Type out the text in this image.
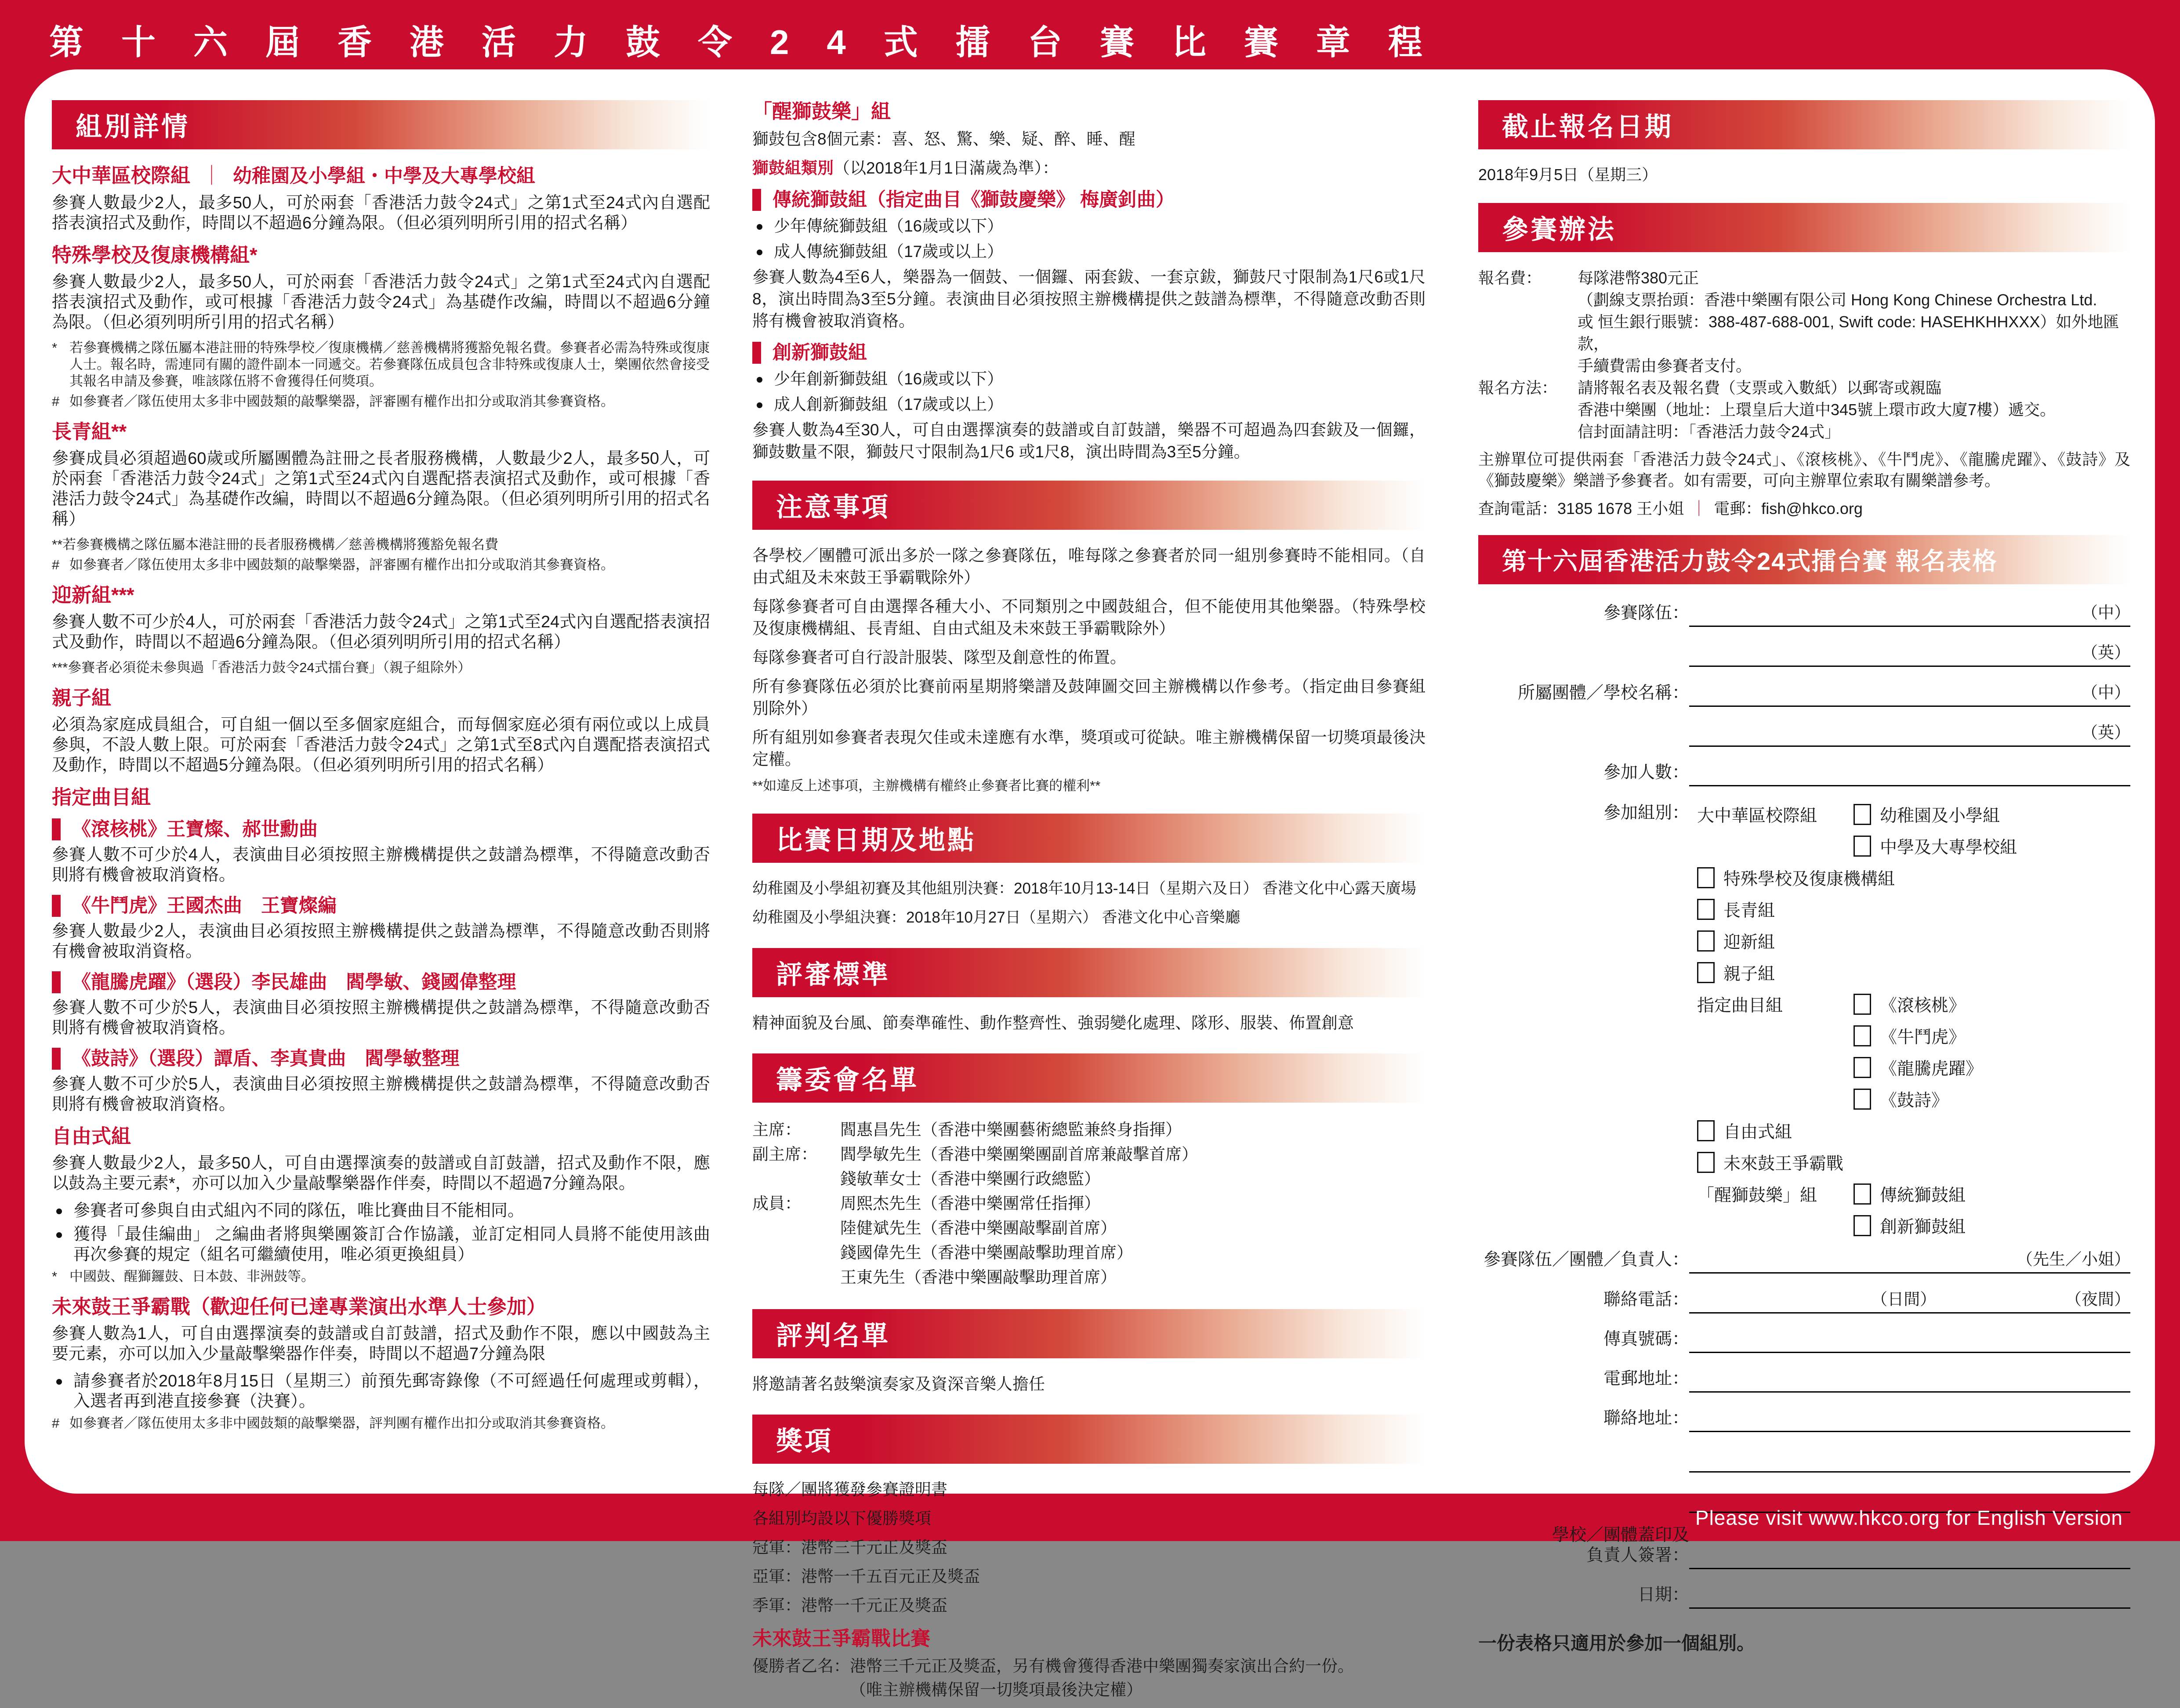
第十六屆香港活力鼓令24式擂台賽比賽章程
組別詳情
大中華區校際組 ｜ 幼稚園及小學組・中學及大專學校組

參賽人數最少2人，最多50人，可於兩套「香港活力鼓令24式」之第1式至24式內自選配搭表演招式及動作，時間以不超過6分鐘為限。（但必須列明所引用的招式名稱）

特殊學校及復康機構組*

參賽人數最少2人，最多50人，可於兩套「香港活力鼓令24式」之第1式至24式內自選配搭表演招式及動作，或可根據「香港活力鼓令24式」為基礎作改編，時間以不超過6分鐘為限。（但必須列明所引用的招式名稱）

* 若參賽機構之隊伍屬本港註冊的特殊學校／復康機構／慈善機構將獲豁免報名費。參賽者必需為特殊或復康人士。報名時，需連同有關的證件副本一同遞交。若參賽隊伍成員包含非特殊或復康人士，樂團依然會接受其報名申請及參賽，唯該隊伍將不會獲得任何獎項。
# 如參賽者／隊伍使用太多非中國鼓類的敲擊樂器，評審團有權作出扣分或取消其參賽資格。
長青組**

參賽成員必須超過60歲或所屬團體為註冊之長者服務機構，人數最少2人，最多50人，可於兩套「香港活力鼓令24式」之第1式至24式內自選配搭表演招式及動作，或可根據「香港活力鼓令24式」為基礎作改編，時間以不超過6分鐘為限。（但必須列明所引用的招式名稱）

**若參賽機構之隊伍屬本港註冊的長者服務機構／慈善機構將獲豁免報名費
# 如參賽者／隊伍使用太多非中國鼓類的敲擊樂器，評審團有權作出扣分或取消其參賽資格。
迎新組***

參賽人數不可少於4人，可於兩套「香港活力鼓令24式」之第1式至24式內自選配搭表演招式及動作，時間以不超過6分鐘為限。（但必須列明所引用的招式名稱）

***參賽者必須從未參與過「香港活力鼓令24式擂台賽」（親子組除外）
親子組

必須為家庭成員組合，可自組一個以至多個家庭組合，而每個家庭必須有兩位或以上成員參與，不設人數上限。可於兩套「香港活力鼓令24式」之第1式至8式內自選配搭表演招式及動作，時間以不超過5分鐘為限。（但必須列明所引用的招式名稱）

指定曲目組
《滾核桃》王寶燦、郝世勳曲

參賽人數不可少於4人，表演曲目必須按照主辦機構提供之鼓譜為標準，不得隨意改動否則將有機會被取消資格。

《牛鬥虎》王國杰曲　王寶燦編

參賽人數最少2人，表演曲目必須按照主辦機構提供之鼓譜為標準，不得隨意改動否則將有機會被取消資格。

《龍騰虎躍》（選段）李民雄曲　閻學敏、錢國偉整理

參賽人數不可少於5人，表演曲目必須按照主辦機構提供之鼓譜為標準，不得隨意改動否則將有機會被取消資格。

《鼓詩》（選段）譚盾、李真貴曲　閻學敏整理

參賽人數不可少於5人，表演曲目必須按照主辦機構提供之鼓譜為標準，不得隨意改動否則將有機會被取消資格。

自由式組

參賽人數最少2人，最多50人，可自由選擇演奏的鼓譜或自訂鼓譜，招式及動作不限，應以鼓為主要元素*，亦可以加入少量敲擊樂器作伴奏，時間以不超過7分鐘為限。

參賽者可參與自由式組內不同的隊伍，唯比賽曲目不能相同。
獲得「最佳編曲」 之編曲者將與樂團簽訂合作協議，並訂定相同人員將不能使用該曲再次參賽的規定（組名可繼續使用，唯必須更換組員）
* 中國鼓、醒獅鑼鼓、日本鼓、非洲鼓等。
未來鼓王爭霸戰（歡迎任何已達專業演出水準人士參加）

參賽人數為1人，可自由選擇演奏的鼓譜或自訂鼓譜，招式及動作不限，應以中國鼓為主要元素，亦可以加入少量敲擊樂器作伴奏，時間以不超過7分鐘為限

請參賽者於2018年8月15日（星期三）前預先郵寄錄像（不可經過任何處理或剪輯），入選者再到港直接參賽（決賽）。
# 如參賽者／隊伍使用太多非中國鼓類的敲擊樂器，評判團有權作出扣分或取消其參賽資格。
「醒獅鼓樂」組

獅鼓包含8個元素：喜、怒、驚、樂、疑、醉、睡、醒

獅鼓組類別（以2018年1月1日滿歲為準）：

傳統獅鼓組（指定曲目《獅鼓慶樂》 梅廣釗曲）
少年傳統獅鼓組（16歲或以下）
成人傳統獅鼓組（17歲或以上）

參賽人數為4至6人，樂器為一個鼓、一個鑼、兩套鈸、一套京鈸，獅鼓尺寸限制為1尺6或1尺8，演出時間為3至5分鐘。表演曲目必須按照主辦機構提供之鼓譜為標準，不得隨意改動否則將有機會被取消資格。

創新獅鼓組
少年創新獅鼓組（16歲或以下）
成人創新獅鼓組（17歲或以上）

參賽人數為4至30人，可自由選擇演奏的鼓譜或自訂鼓譜，樂器不可超過為四套鈸及一個鑼，獅鼓數量不限，獅鼓尺寸限制為1尺6 或1尺8，演出時間為3至5分鐘。

注意事項

各學校／團體可派出多於一隊之參賽隊伍，唯每隊之參賽者於同一組別參賽時不能相同。（自由式組及未來鼓王爭霸戰除外）

每隊參賽者可自由選擇各種大小、不同類別之中國鼓組合，但不能使用其他樂器。（特殊學校及復康機構組、長青組、自由式組及未來鼓王爭霸戰除外）

每隊參賽者可自行設計服裝、隊型及創意性的佈置。

所有參賽隊伍必須於比賽前兩星期將樂譜及鼓陣圖交回主辦機構以作參考。（指定曲目參賽組別除外）

所有組別如參賽者表現欠佳或未達應有水準，獎項或可從缺。唯主辦機構保留一切獎項最後決定權。

**如違反上述事項，主辦機構有權終止參賽者比賽的權利**
比賽日期及地點

幼稚園及小學組初賽及其他組別決賽：2018年10月13-14日（星期六及日） 香港文化中心露天廣場

幼稚園及小學組決賽：2018年10月27日（星期六） 香港文化中心音樂廳

評審標準

精神面貌及台風、節奏準確性、動作整齊性、強弱變化處理、隊形、服裝、佈置創意

籌委會名單
主席：	閻惠昌先生（香港中樂團藝術總監兼終身指揮）
副主席：	閻學敏先生（香港中樂團樂團副首席兼敲擊首席）
錢敏華女士（香港中樂團行政總監）
成員：	周熙杰先生（香港中樂團常任指揮）
陸健斌先生（香港中樂團敲擊副首席）
錢國偉先生（香港中樂團敲擊助理首席）
王東先生（香港中樂團敲擊助理首席）
評判名單

將邀請著名鼓樂演奏家及資深音樂人擔任

獎項

每隊／團將獲發參賽證明書

各組別均設以下優勝獎項

冠軍：港幣三千元正及獎盃

亞軍：港幣一千五百元正及獎盃

季軍：港幣一千元正及獎盃

未來鼓王爭霸戰比賽

優勝者乙名：港幣三千元正及獎盃，另有機會獲得香港中樂團獨奏家演出合約一份。

（唯主辦機構保留一切獎項最後決定權）

截止報名日期

2018年9月5日（星期三）

參賽辦法
報名費：	每隊港幣380元正
（劃線支票抬頭：香港中樂團有限公司 Hong Kong Chinese Orchestra Ltd.
或 恒生銀行賬號：388-487-688-001, Swift code: HASEHKHHXXX）如外地匯款，
手續費需由參賽者支付。
報名方法：	請將報名表及報名費（支票或入數紙）以郵寄或親臨
香港中樂團（地址：上環皇后大道中345號上環市政大廈7樓）遞交。
信封面請註明：「香港活力鼓令24式」

主辦單位可提供兩套「香港活力鼓令24式」、《滾核桃》、《牛鬥虎》、《龍騰虎躍》、《鼓詩》及《獅鼓慶樂》樂譜予參賽者。如有需要，可向主辦單位索取有關樂譜參考。

查詢電話：3185 1678 王小姐 ｜ 電郵：fish@hkco.org

第十六屆香港活力鼓令24式擂台賽 報名表格
參賽隊伍：	（中）
（英）
所屬團體／學校名稱：	（中）
（英）
參加人數：
參加組別： 大中華區校際組	幼稚園及小學組
中學及大專學校組
特殊學校及復康機構組
長青組
迎新組
親子組
指定曲目組	《滾核桃》
《牛鬥虎》
《龍騰虎躍》
《鼓詩》
自由式組
未來鼓王爭霸戰
「醒獅鼓樂」組	傳統獅鼓組
創新獅鼓組
參賽隊伍／團體／負責人：	（先生／小姐）
聯絡電話：	（日間）	（夜間）
傳真號碼：
電郵地址：
聯絡地址：
學校／團體蓋印及
負責人簽署：
日期：
一份表格只適用於參加一個組別。
Please visit www.hkco.org for English Version
